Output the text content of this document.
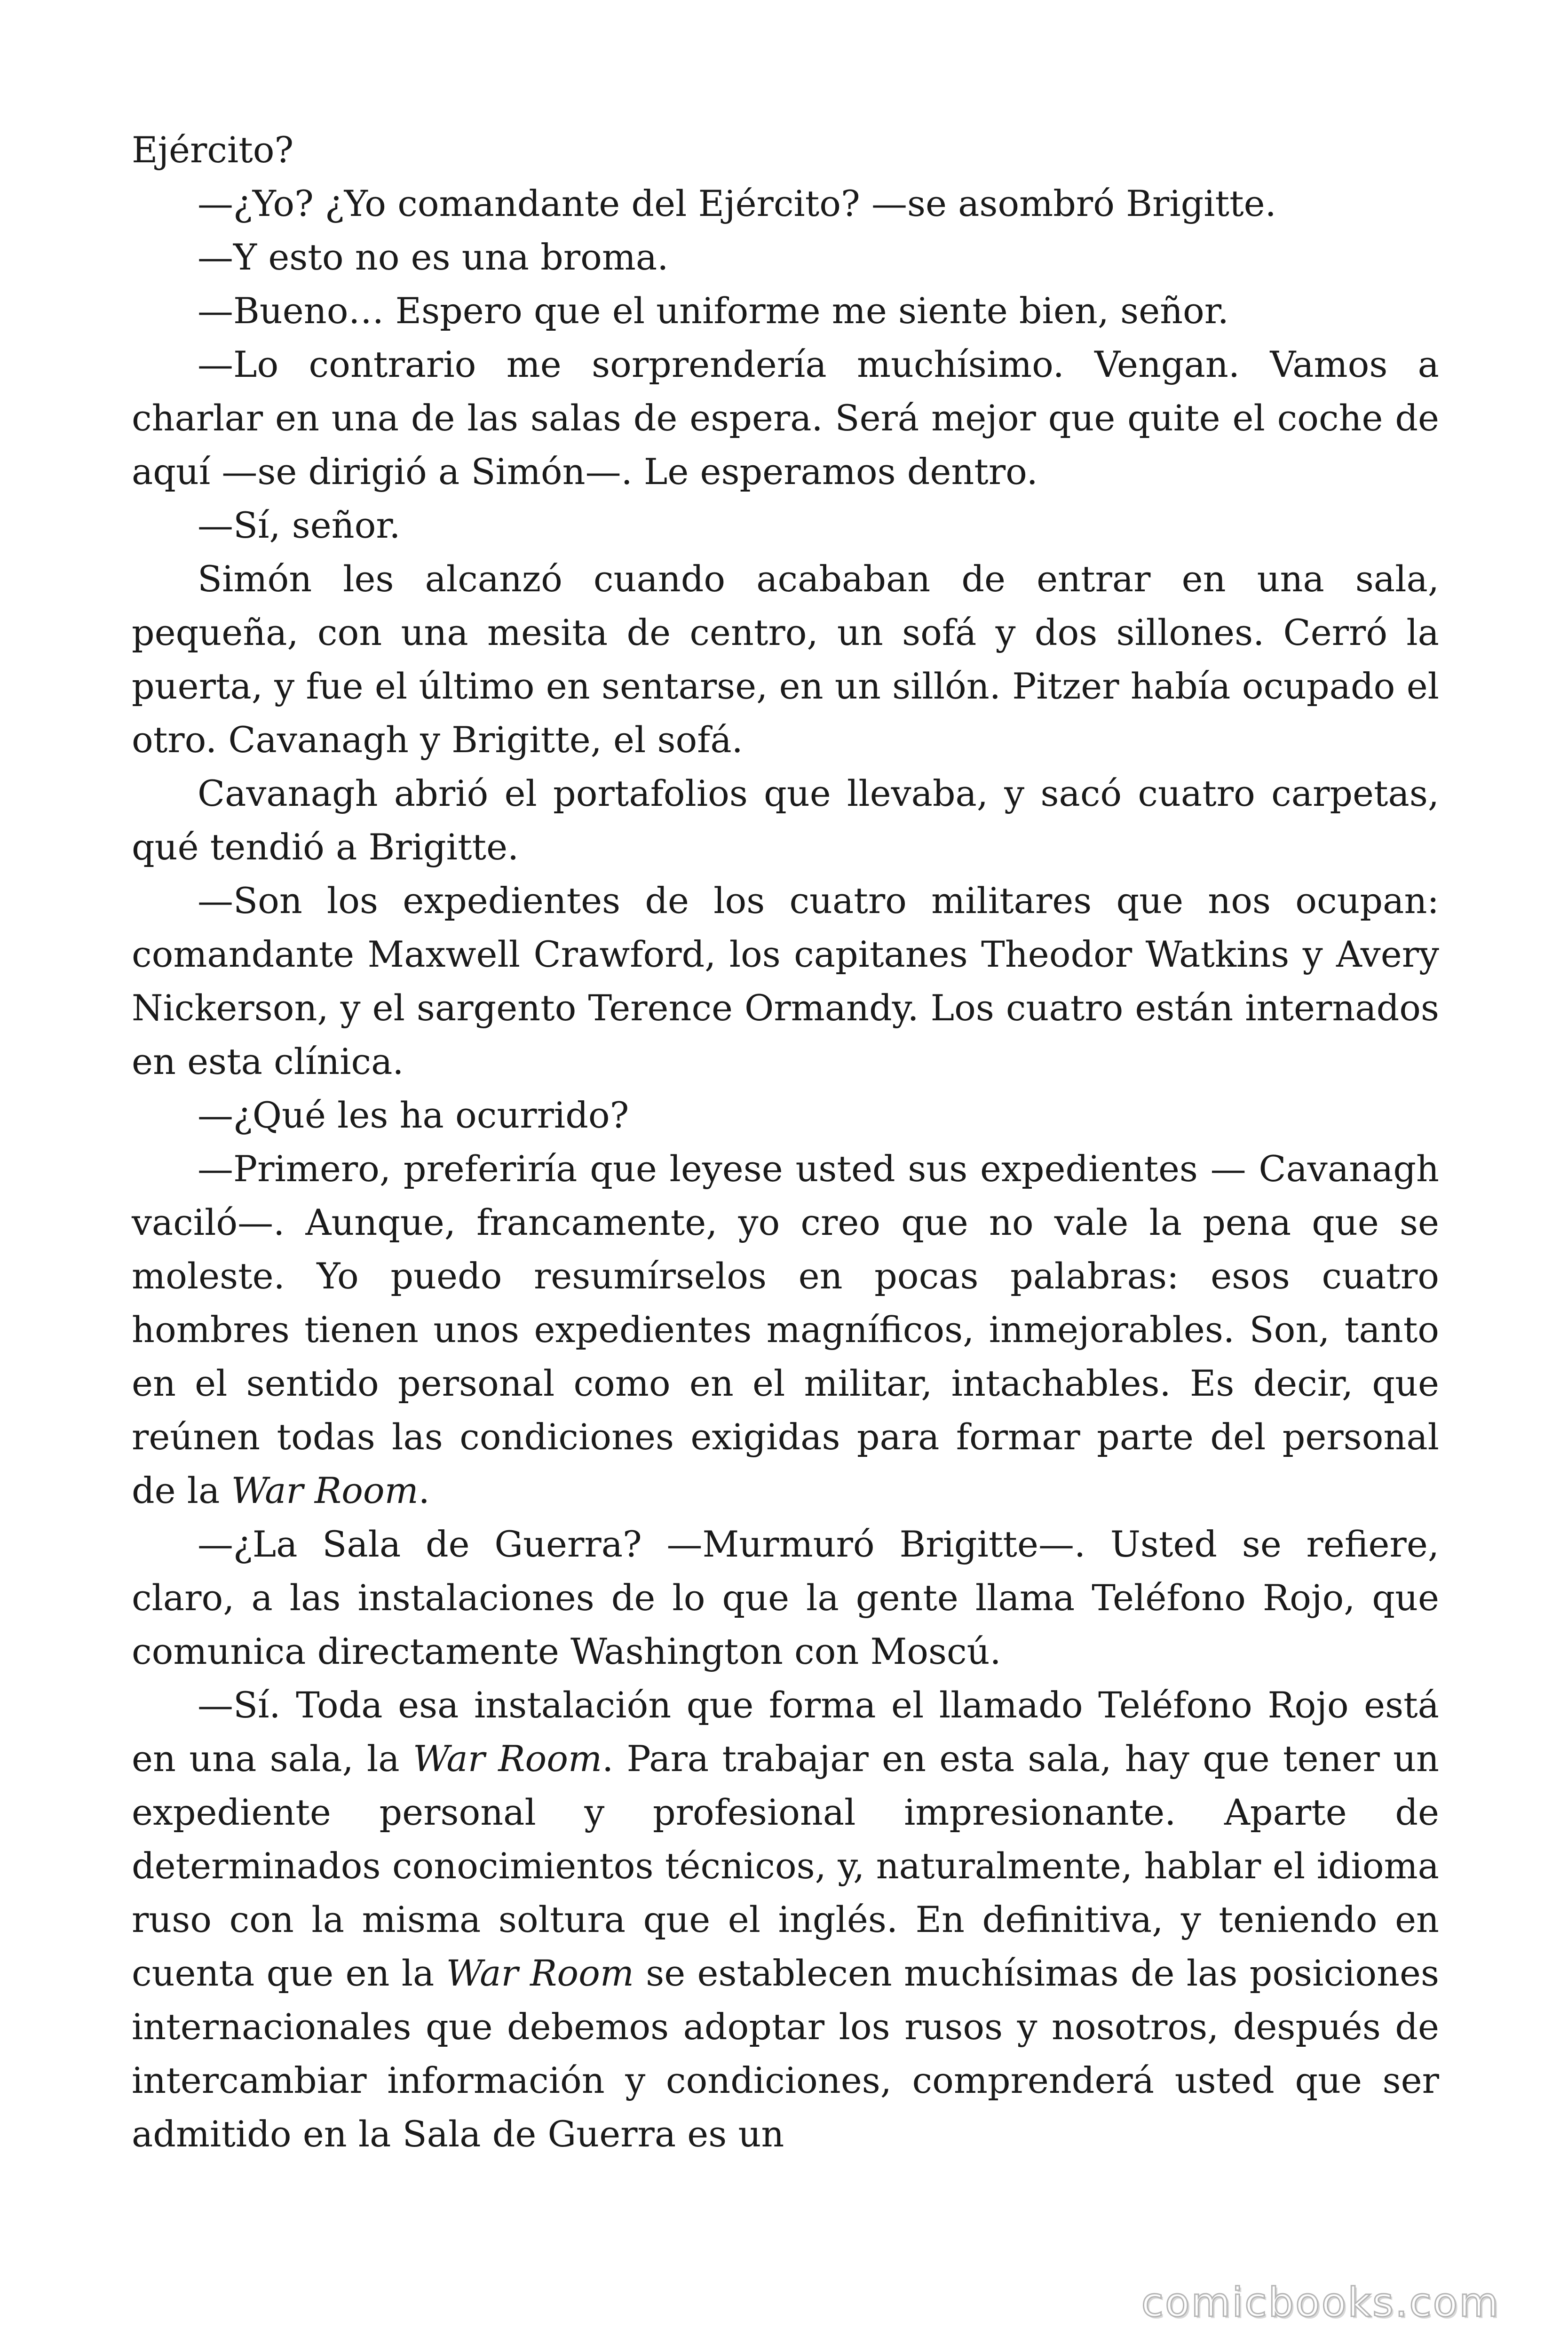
Ejército?

—¿Yo? ¿Yo comandante del Ejército? —se asombró Brigitte.

—Y esto no es una broma.

—Bueno… Espero que el uniforme me siente bien, señor.

—Lo contrario me sorprendería muchísimo. Vengan. Vamos a charlar en una de las salas de espera. Será mejor que quite el coche de aquí —se dirigió a Simón—. Le esperamos dentro.

—Sí, señor.

Simón les alcanzó cuando acababan de entrar en una sala, pequeña, con una mesita de centro, un sofá y dos sillones. Cerró la puerta, y fue el último en sentarse, en un sillón. Pitzer había ocupado el otro. Cavanagh y Brigitte, el sofá.

Cavanagh abrió el portafolios que llevaba, y sacó cuatro carpetas, qué tendió a Brigitte.

—Son los expedientes de los cuatro militares que nos ocupan: comandante Maxwell Crawford, los capitanes Theodor Watkins y Avery Nickerson, y el sargento Terence Ormandy. Los cuatro están internados en esta clínica.

—¿Qué les ha ocurrido?

—Primero, preferiría que leyese usted sus expedientes — Cavanagh vaciló—. Aunque, francamente, yo creo que no vale la pena que se moleste. Yo puedo resumírselos en pocas palabras: esos cuatro hombres tienen unos expedientes magníficos, inmejorables. Son, tanto en el sentido personal como en el militar, intachables. Es decir, que reúnen todas las condiciones exigidas para formar parte del personal de la War Room.

—¿La Sala de Guerra? —Murmuró Brigitte—. Usted se refiere, claro, a las instalaciones de lo que la gente llama Teléfono Rojo, que comunica directamente Washington con Moscú.

—Sí. Toda esa instalación que forma el llamado Teléfono Rojo está en una sala, la War Room. Para trabajar en esta sala, hay que tener un expediente personal y profesional impresionante. Aparte de determinados conocimientos técnicos, y, naturalmente, hablar el idioma ruso con la misma soltura que el inglés. En definitiva, y teniendo en cuenta que en la War Room se establecen muchísimas de las posiciones internacionales que debemos adoptar los rusos y nosotros, después de intercambiar información y condiciones, comprenderá usted que ser admitido en la Sala de Guerra es un

comicbooks.com
